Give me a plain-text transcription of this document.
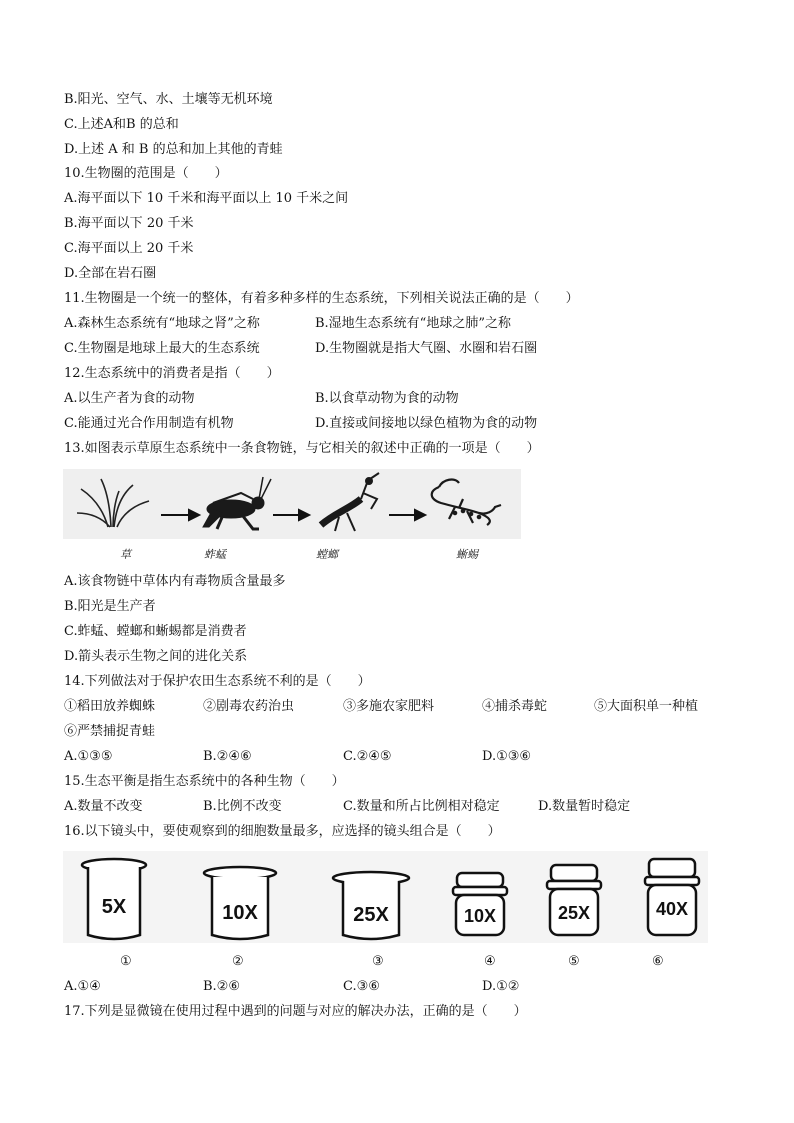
B.阳光、空气、水、土壤等无机环境
C.上述A和B 的总和
D.上述 A 和 B 的总和加上其他的青蛙
10.生物圈的范围是（　　）
A.海平面以下 10 千米和海平面以上 10 千米之间
B.海平面以下 20 千米
C.海平面以上 20 千米
D.全部在岩石圈
11.生物圈是一个统一的整体，有着多种多样的生态系统，下列相关说法正确的是（　　）
A.森林生态系统有“地球之肾”之称	B.湿地生态系统有“地球之肺”之称
C.生物圈是地球上最大的生态系统	D.生物圈就是指大气圈、水圈和岩石圈
12.生态系统中的消费者是指（　　）
A.以生产者为食的动物	B.以食草动物为食的动物
C.能通过光合作用制造有机物	D.直接或间接地以绿色植物为食的动物
13.如图表示草原生态系统中一条食物链，与它相关的叙述中正确的一项是（　　）
草	蚱蜢	螳螂	蜥蜴
A.该食物链中草体内有毒物质含量最多
B.阳光是生产者
C.蚱蜢、螳螂和蜥蜴都是消费者
D.箭头表示生物之间的进化关系
14.下列做法对于保护农田生态系统不利的是（　　）
①稻田放养蜘蛛	②剧毒农药治虫	③多施农家肥料	④捕杀毒蛇	⑤大面积单一种植
⑥严禁捕捉青蛙
A.①③⑤	B.②④⑥	C.②④⑤	D.①③⑥
15.生态平衡是指生态系统中的各种生物（　　）
A.数量不改变	B.比例不改变	C.数量和所占比例相对稳定	D.数量暂时稳定
16.以下镜头中，要使观察到的细胞数量最多，应选择的镜头组合是（　　）
5X	10X	25X	10X	25X	40X
①	②	③	④	⑤	⑥
A.①④	B.②⑥	C.③⑥	D.①②
17.下列是显微镜在使用过程中遇到的问题与对应的解决办法，正确的是（　　）
